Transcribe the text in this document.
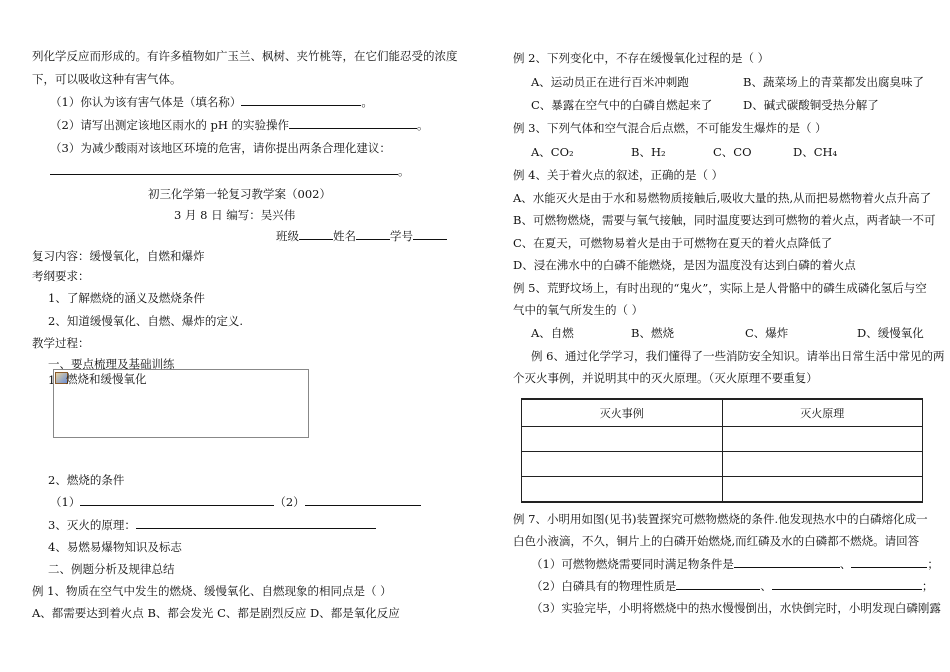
列化学反应而形成的。有许多植物如广玉兰、枫树、夹竹桃等，在它们能忍受的浓度
下，可以吸收这种有害气体。
（1）你认为该有害气体是（填名称）	。
（2）请写出测定该地区雨水的 pH 的实验操作	。
（3）为减少酸雨对该地区环境的危害，请你提出两条合理化建议：
。
初三化学第一轮复习教学案（002）
3 月 8 日 编写：吴兴伟
班级	姓名	学号
复习内容：缓慢氧化，自燃和爆炸
考纲要求：
1、了解燃烧的涵义及燃烧条件
2、知道缓慢氧化、自燃、爆炸的定义.
教学过程：
一、要点梳理及基础训练
2、燃烧的条件
（1）	（2）
3、灭火的原理：
4、易燃易爆物知识及标志
二、例题分析及规律总结
例 1、物质在空气中发生的燃烧、缓慢氧化、自燃现象的相同点是（ ）
A、都需要达到着火点 B、都会发光 C、都是剧烈反应 D、都是氧化反应
1 燃烧和缓慢氧化
例 2、下列变化中，不存在缓慢氧化过程的是（ ）
A、运动员正在进行百米冲刺跑	B、蔬菜场上的青菜都发出腐臭味了
C、暴露在空气中的白磷自燃起来了	D、碱式碳酸铜受热分解了
例 3、下列气体和空气混合后点燃，不可能发生爆炸的是（ ）
A、CO₂	B、H₂	C、CO	D、CH₄
例 4、关于着火点的叙述，正确的是（ ）
A、水能灭火是由于水和易燃物质接触后,吸收大量的热,从而把易燃物着火点升高了
B、可燃物燃烧，需要与氧气接触，同时温度要达到可燃物的着火点，两者缺一不可
C、在夏天，可燃物易着火是由于可燃物在夏天的着火点降低了
D、浸在沸水中的白磷不能燃烧，是因为温度没有达到白磷的着火点
例 5、荒野坟场上，有时出现的“鬼火”，实际上是人骨骼中的磷生成磷化氢后与空
气中的氧气所发生的（ ）
A、自燃	B、燃烧	C、爆炸	D、缓慢氧化
例 6、通过化学学习，我们懂得了一些消防安全知识。请举出日常生活中常见的两
个灭火事例，并说明其中的灭火原理。（灭火原理不要重复）
例 7、小明用如图(见书)装置探究可燃物燃烧的条件.他发现热水中的白磷熔化成一
白色小液滴，不久，铜片上的白磷开始燃烧,而红磷及水的白磷都不燃烧。请回答
（1）可燃物燃烧需要同时满足物条件是	、	；
（2）白磷具有的物理性质是	、	；
（3）实验完毕，小明将燃烧中的热水慢慢倒出，水快倒完时，小明发现白磷刚露
灭火事例	灭火原理
